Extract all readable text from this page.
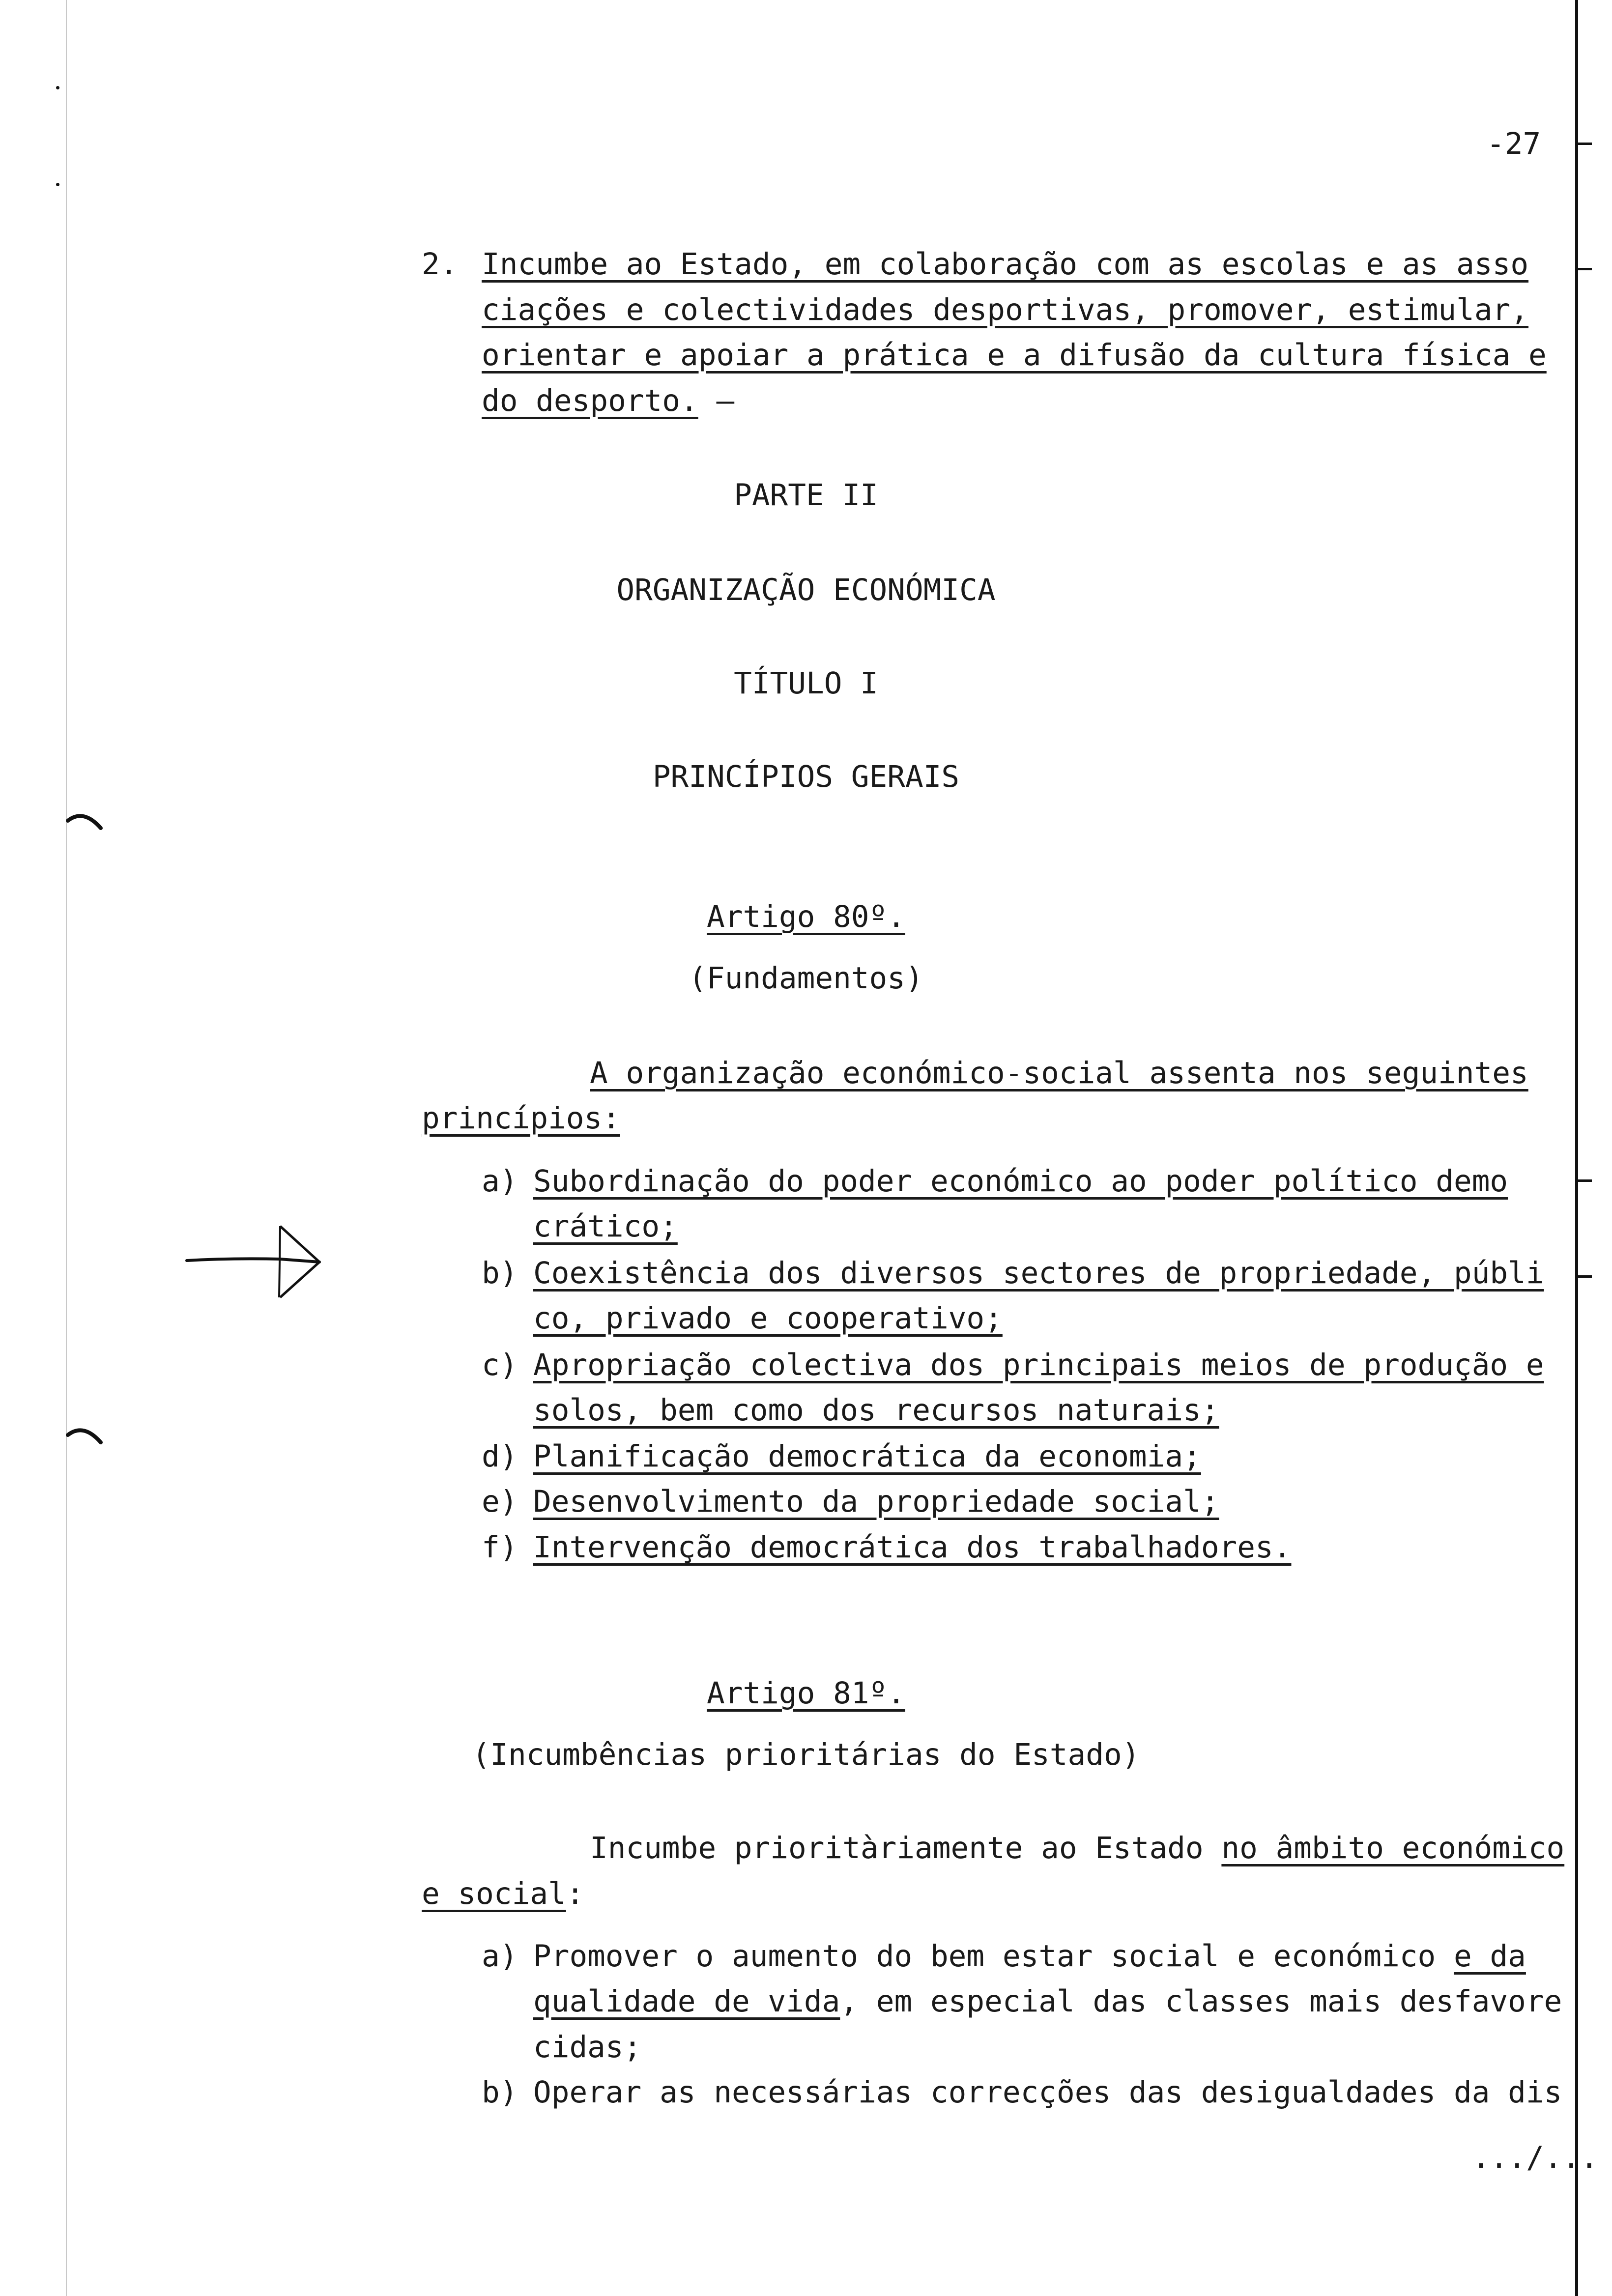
-27
2. Incumbe ao Estado, em colaboração com as escolas e as asso
ciações e colectividades desportivas, promover, estimular,
orientar e apoiar a prática e a difusão da cultura física e
do desporto. —
PARTE II
ORGANIZAÇÃO ECONÓMICA
TÍTULO I
PRINCÍPIOS GERAIS
Artigo 80º.
(Fundamentos)
A organização económico-social assenta nos seguintes
princípios:
a) Subordinação do poder económico ao poder político demo
crático;
b) Coexistência dos diversos sectores de propriedade, públi
co, privado e cooperativo;
c) Apropriação colectiva dos principais meios de produção e
solos, bem como dos recursos naturais;
d) Planificação democrática da economia;
e) Desenvolvimento da propriedade social;
f) Intervenção democrática dos trabalhadores.
Artigo 81º.
(Incumbências prioritárias do Estado)
Incumbe prioritàriamente ao Estado no âmbito económico
e social:
a) Promover o aumento do bem estar social e económico e da
qualidade de vida, em especial das classes mais desfavore
cidas;
b) Operar as necessárias correcções das desigualdades da dis
.../...
